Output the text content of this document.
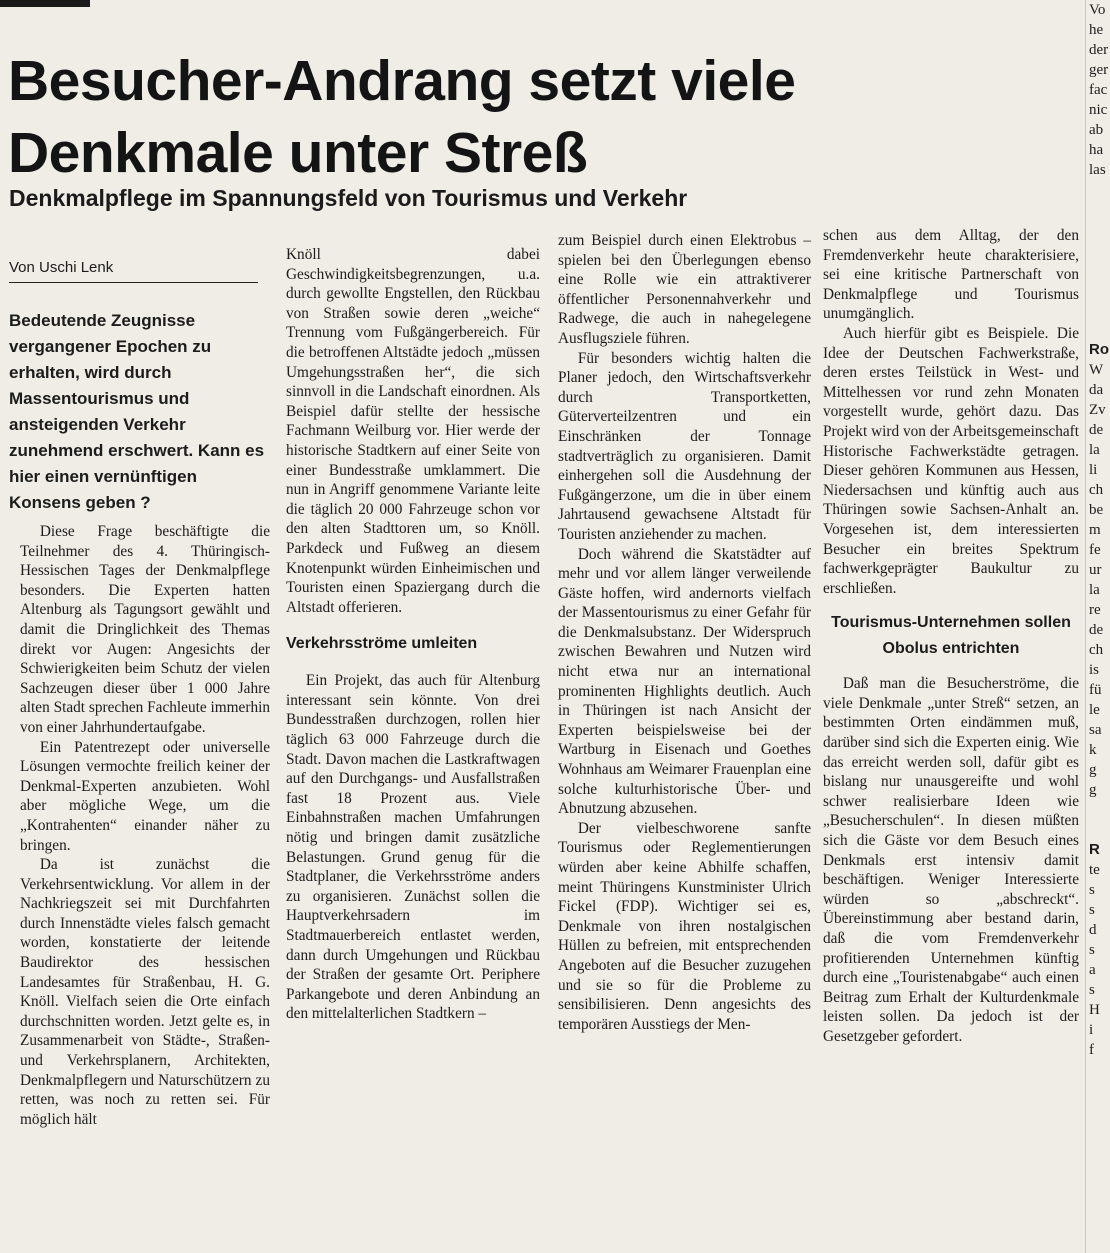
Besucher-Andrang setzt viele Denkmale unter Streß
Denkmalpflege im Spannungsfeld von Tourismus und Verkehr
Von Uschi Lenk

Bedeutende Zeugnisse vergangener Epochen zu erhalten, wird durch Massentourismus und ansteigenden Verkehr zunehmend erschwert. Kann es hier einen vernünftigen Konsens geben ?

Diese Frage beschäftigte die Teilnehmer des 4. Thüringisch-Hessischen Tages der Denkmalpflege besonders. Die Experten hatten Altenburg als Tagungsort gewählt und damit die Dringlichkeit des Themas direkt vor Augen: Angesichts der Schwierigkeiten beim Schutz der vielen Sachzeugen dieser über 1 000 Jahre alten Stadt sprechen Fachleute immerhin von einer Jahrhundertaufgabe.

Ein Patentrezept oder universelle Lösungen vermochte freilich keiner der Denkmal-Experten anzubieten. Wohl aber mögliche Wege, um die „Kontrahenten“ einander näher zu bringen.

Da ist zunächst die Verkehrsentwicklung. Vor allem in der Nachkriegszeit sei mit Durchfahrten durch Innenstädte vieles falsch gemacht worden, konstatierte der leitende Baudirektor des hessischen Landesamtes für Straßenbau, H. G. Knöll. Vielfach seien die Orte einfach durchschnitten worden. Jetzt gelte es, in Zusammenarbeit von Städte-, Straßen- und Verkehrsplanern, Architekten, Denkmalpflegern und Naturschützern zu retten, was noch zu retten sei. Für möglich hält

Knöll dabei Geschwindigkeitsbegrenzungen, u.a. durch gewollte Engstellen, den Rückbau von Straßen sowie deren „weiche“ Trennung vom Fußgängerbereich. Für die betroffenen Altstädte jedoch „müssen Umgehungsstraßen her“, die sich sinnvoll in die Landschaft einordnen. Als Beispiel dafür stellte der hessische Fachmann Weilburg vor. Hier werde der historische Stadtkern auf einer Seite von einer Bundesstraße umklammert. Die nun in Angriff genommene Variante leite die täglich 20 000 Fahrzeuge schon vor den alten Stadttoren um, so Knöll. Parkdeck und Fußweg an diesem Knotenpunkt würden Einheimischen und Touristen einen Spaziergang durch die Altstadt offerieren.

Verkehrsströme umleiten

Ein Projekt, das auch für Altenburg interessant sein könnte. Von drei Bundesstraßen durchzogen, rollen hier täglich 63 000 Fahrzeuge durch die Stadt. Davon machen die Lastkraftwagen auf den Durchgangs- und Ausfallstraßen fast 18 Prozent aus. Viele Einbahnstraßen machen Umfahrungen nötig und bringen damit zusätzliche Belastungen. Grund genug für die Stadtplaner, die Verkehrsströme anders zu organisieren. Zunächst sollen die Hauptverkehrsadern im Stadtmauerbereich entlastet werden, dann durch Umgehungen und Rückbau der Straßen der gesamte Ort. Periphere Parkangebote und deren Anbindung an den mittelalterlichen Stadtkern –

zum Beispiel durch einen Elektrobus – spielen bei den Überlegungen ebenso eine Rolle wie ein attraktiverer öffentlicher Personennahverkehr und Radwege, die auch in nahegelegene Ausflugsziele führen.

Für besonders wichtig halten die Planer jedoch, den Wirtschaftsverkehr durch Transportketten, Güterverteilzentren und ein Einschränken der Tonnage stadtverträglich zu organisieren. Damit einhergehen soll die Ausdehnung der Fußgängerzone, um die in über einem Jahrtausend gewachsene Altstadt für Touristen anziehender zu machen.

Doch während die Skatstädter auf mehr und vor allem länger verweilende Gäste hoffen, wird andernorts vielfach der Massentourismus zu einer Gefahr für die Denkmalsubstanz. Der Widerspruch zwischen Bewahren und Nutzen wird nicht etwa nur an international prominenten Highlights deutlich. Auch in Thüringen ist nach Ansicht der Experten beispielsweise bei der Wartburg in Eisenach und Goethes Wohnhaus am Weimarer Frauenplan eine solche kulturhistorische Über- und Abnutzung abzusehen.

Der vielbeschworene sanfte Tourismus oder Reglementierungen würden aber keine Abhilfe schaffen, meint Thüringens Kunstminister Ulrich Fickel (FDP). Wichtiger sei es, Denkmale von ihren nostalgischen Hüllen zu befreien, mit entsprechenden Angeboten auf die Besucher zuzugehen und sie so für die Probleme zu sensibilisieren. Denn angesichts des temporären Ausstiegs der Men-

schen aus dem Alltag, der den Fremdenverkehr heute charakterisiere, sei eine kritische Partnerschaft von Denkmalpflege und Tourismus unumgänglich.

Auch hierfür gibt es Beispiele. Die Idee der Deutschen Fachwerkstraße, deren erstes Teilstück in West- und Mittelhessen vor rund zehn Monaten vorgestellt wurde, gehört dazu. Das Projekt wird von der Arbeitsgemeinschaft Historische Fachwerkstädte getragen. Dieser gehören Kommunen aus Hessen, Niedersachsen und künftig auch aus Thüringen sowie Sachsen-Anhalt an. Vorgesehen ist, dem interessierten Besucher ein breites Spektrum fachwerkgeprägter Baukultur zu erschließen.

Tourismus-Unternehmen sollen Obolus entrichten

Daß man die Besucherströme, die viele Denkmale „unter Streß“ setzen, an bestimmten Orten eindämmen muß, darüber sind sich die Experten einig. Wie das erreicht werden soll, dafür gibt es bislang nur unausgereifte und wohl schwer realisierbare Ideen wie „Besucherschulen“. In diesen müßten sich die Gäste vor dem Besuch eines Denkmals erst intensiv damit beschäftigen. Weniger Interessierte würden so „abschreckt“. Übereinstimmung aber bestand darin, daß die vom Fremdenverkehr profitierenden Unternehmen künftig durch eine „Touristenabgabe“ auch einen Beitrag zum Erhalt der Kulturdenkmale leisten sollen. Da jedoch ist der Gesetzgeber gefordert.

Vo
he
der
ger
fac
nic
ab
ha
las
Ro
W
da
Zv
de
la
li
ch
be
m
fe
ur
la
re
de
ch
is
fü
le
sa
k
g
g
R
te
s
s
d
s
a
s
H
i
f
